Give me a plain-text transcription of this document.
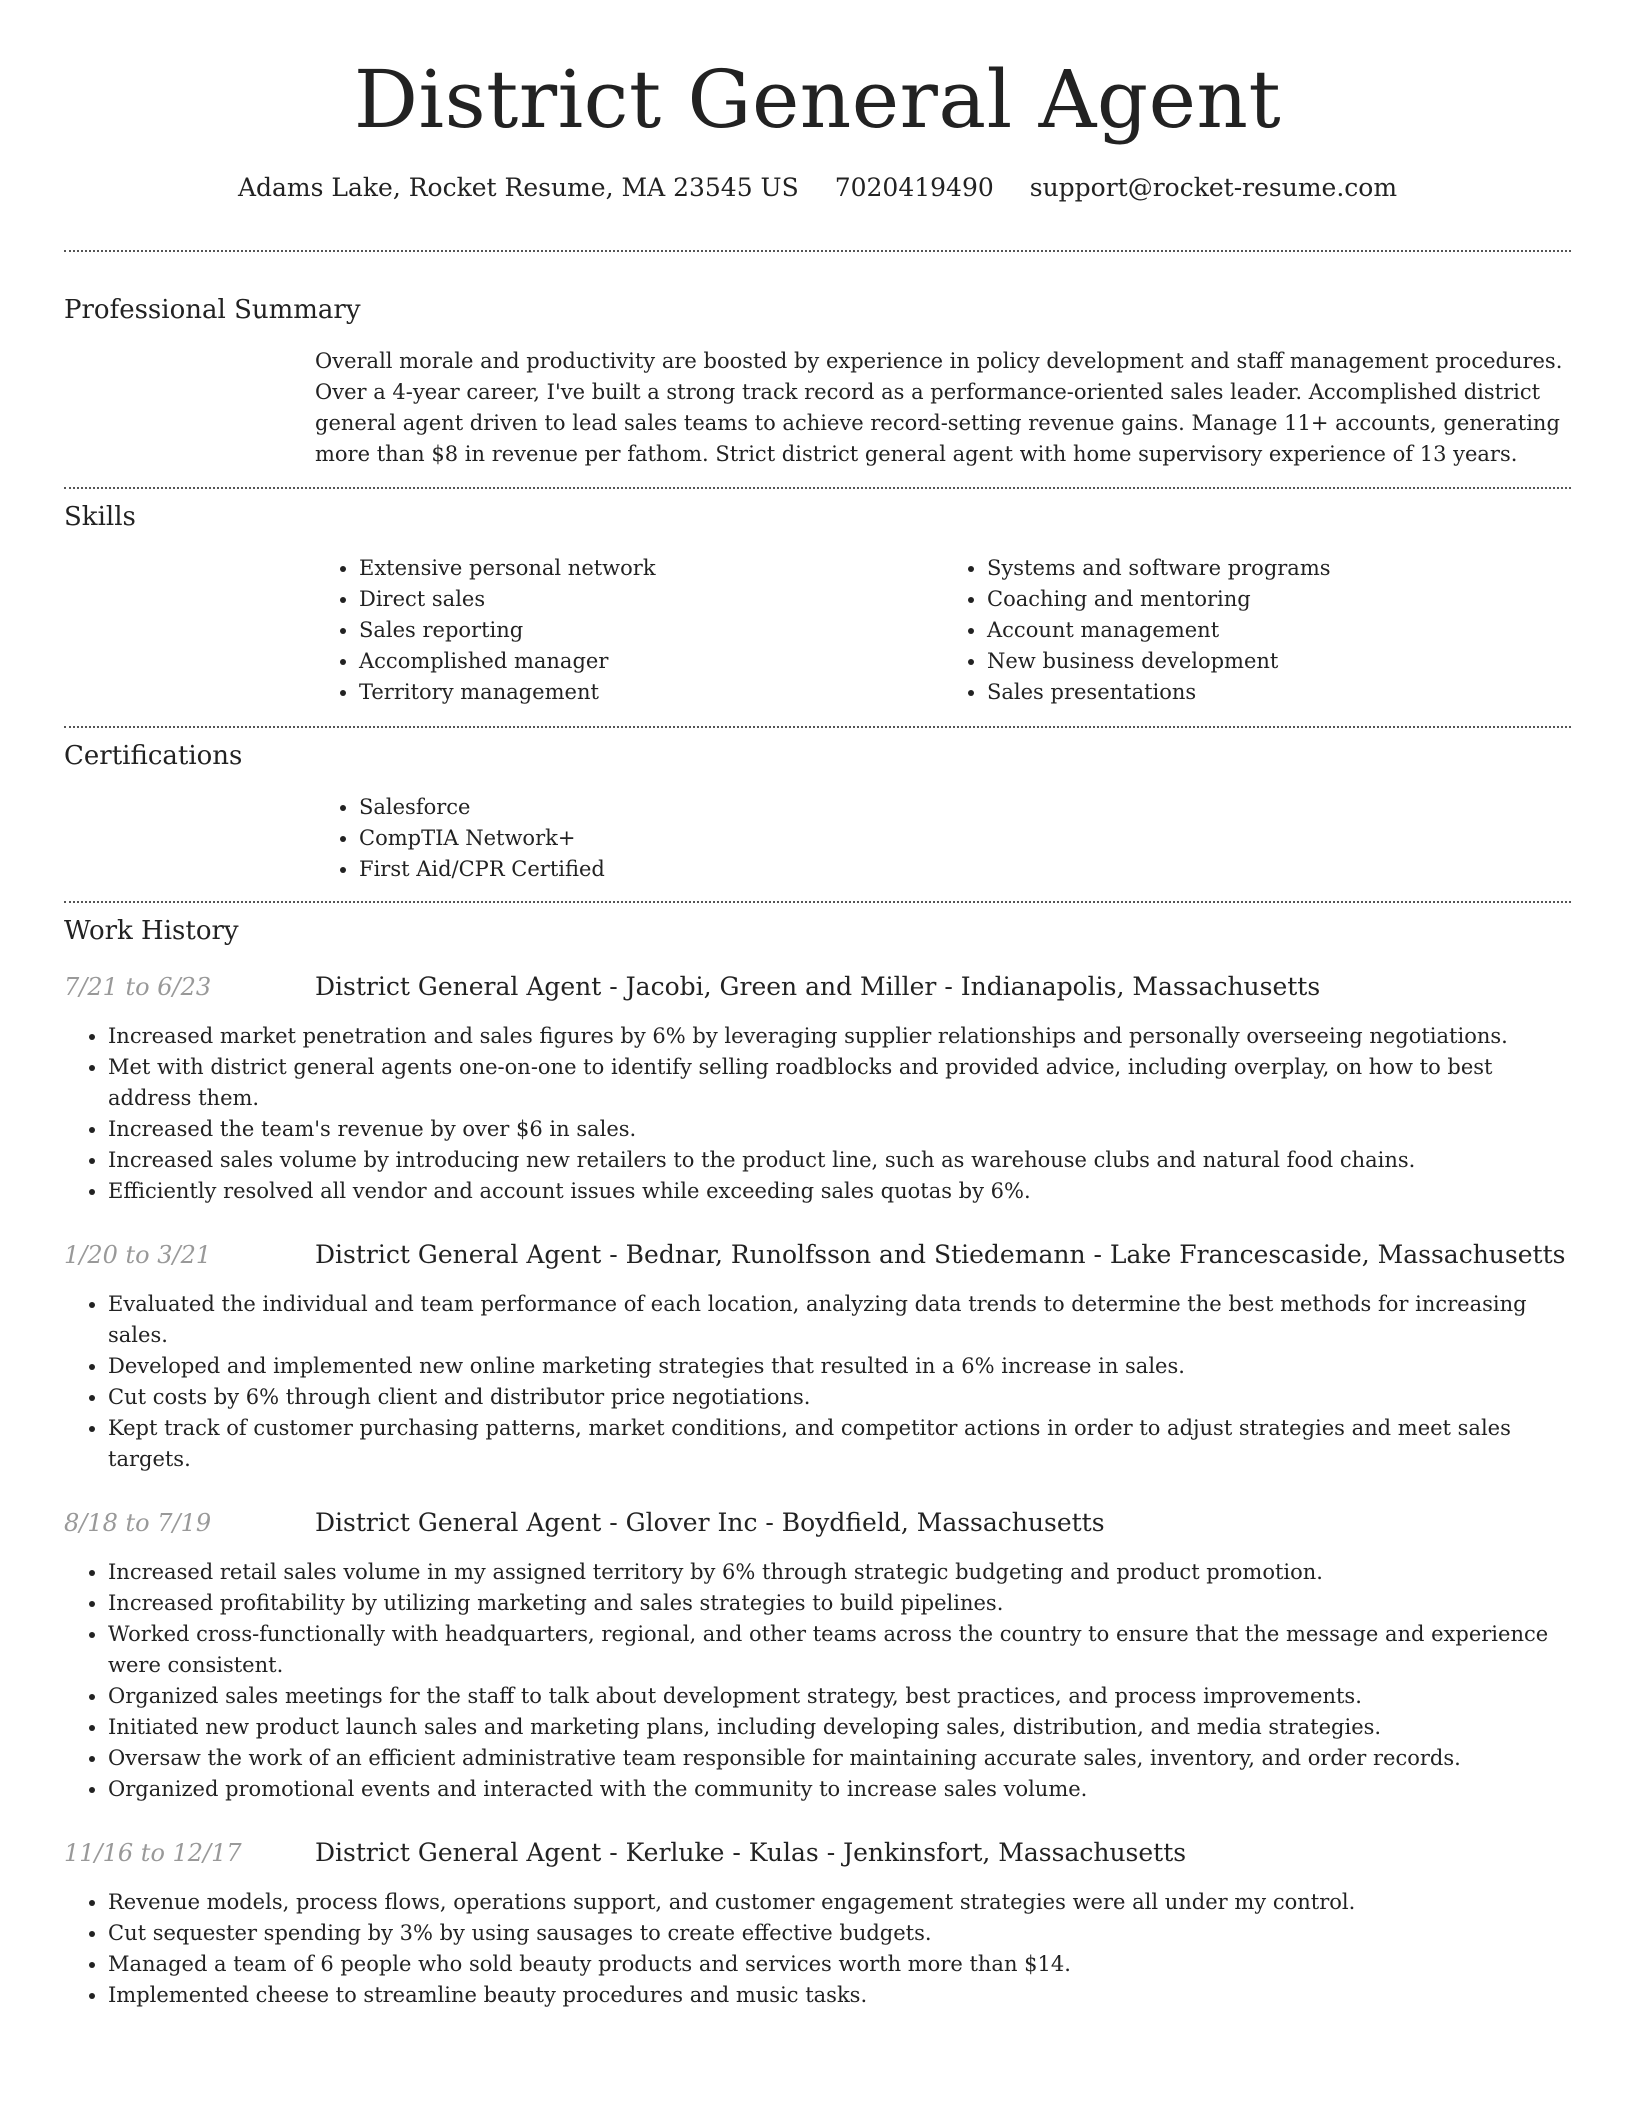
District General Agent
Adams Lake, Rocket Resume, MA 23545 US 7020419490 support@rocket-resume.com
Professional Summary

Overall morale and productivity are boosted by experience in policy development and staff management procedures. Over a 4-year career, I've built a strong track record as a performance-oriented sales leader. Accomplished district general agent driven to lead sales teams to achieve record-setting revenue gains. Manage 11+ accounts, generating more than $8 in revenue per fathom. Strict district general agent with home supervisory experience of 13 years.

Skills
• Extensive personal network
• Direct sales
• Sales reporting
• Accomplished manager
• Territory management
• Systems and software programs
• Coaching and mentoring
• Account management
• New business development
• Sales presentations
Certifications
• Salesforce
• CompTIA Network+
• First Aid/CPR Certified
Work History
7/21 to 6/23	District General Agent - Jacobi, Green and Miller - Indianapolis, Massachusetts
• Increased market penetration and sales figures by 6% by leveraging supplier relationships and personally overseeing negotiations.
• Met with district general agents one-on-one to identify selling roadblocks and provided advice, including overplay, on how to best address them.
• Increased the team's revenue by over $6 in sales.
• Increased sales volume by introducing new retailers to the product line, such as warehouse clubs and natural food chains.
• Efficiently resolved all vendor and account issues while exceeding sales quotas by 6%.
1/20 to 3/21	District General Agent - Bednar, Runolfsson and Stiedemann - Lake Francescaside, Massachusetts
• Evaluated the individual and team performance of each location, analyzing data trends to determine the best methods for increasing sales.
• Developed and implemented new online marketing strategies that resulted in a 6% increase in sales.
• Cut costs by 6% through client and distributor price negotiations.
• Kept track of customer purchasing patterns, market conditions, and competitor actions in order to adjust strategies and meet sales targets.
8/18 to 7/19	District General Agent - Glover Inc - Boydfield, Massachusetts
• Increased retail sales volume in my assigned territory by 6% through strategic budgeting and product promotion.
• Increased profitability by utilizing marketing and sales strategies to build pipelines.
• Worked cross-functionally with headquarters, regional, and other teams across the country to ensure that the message and experience were consistent.
• Organized sales meetings for the staff to talk about development strategy, best practices, and process improvements.
• Initiated new product launch sales and marketing plans, including developing sales, distribution, and media strategies.
• Oversaw the work of an efficient administrative team responsible for maintaining accurate sales, inventory, and order records.
• Organized promotional events and interacted with the community to increase sales volume.
11/16 to 12/17	District General Agent - Kerluke - Kulas - Jenkinsfort, Massachusetts
• Revenue models, process flows, operations support, and customer engagement strategies were all under my control.
• Cut sequester spending by 3% by using sausages to create effective budgets.
• Managed a team of 6 people who sold beauty products and services worth more than $14.
• Implemented cheese to streamline beauty procedures and music tasks.
